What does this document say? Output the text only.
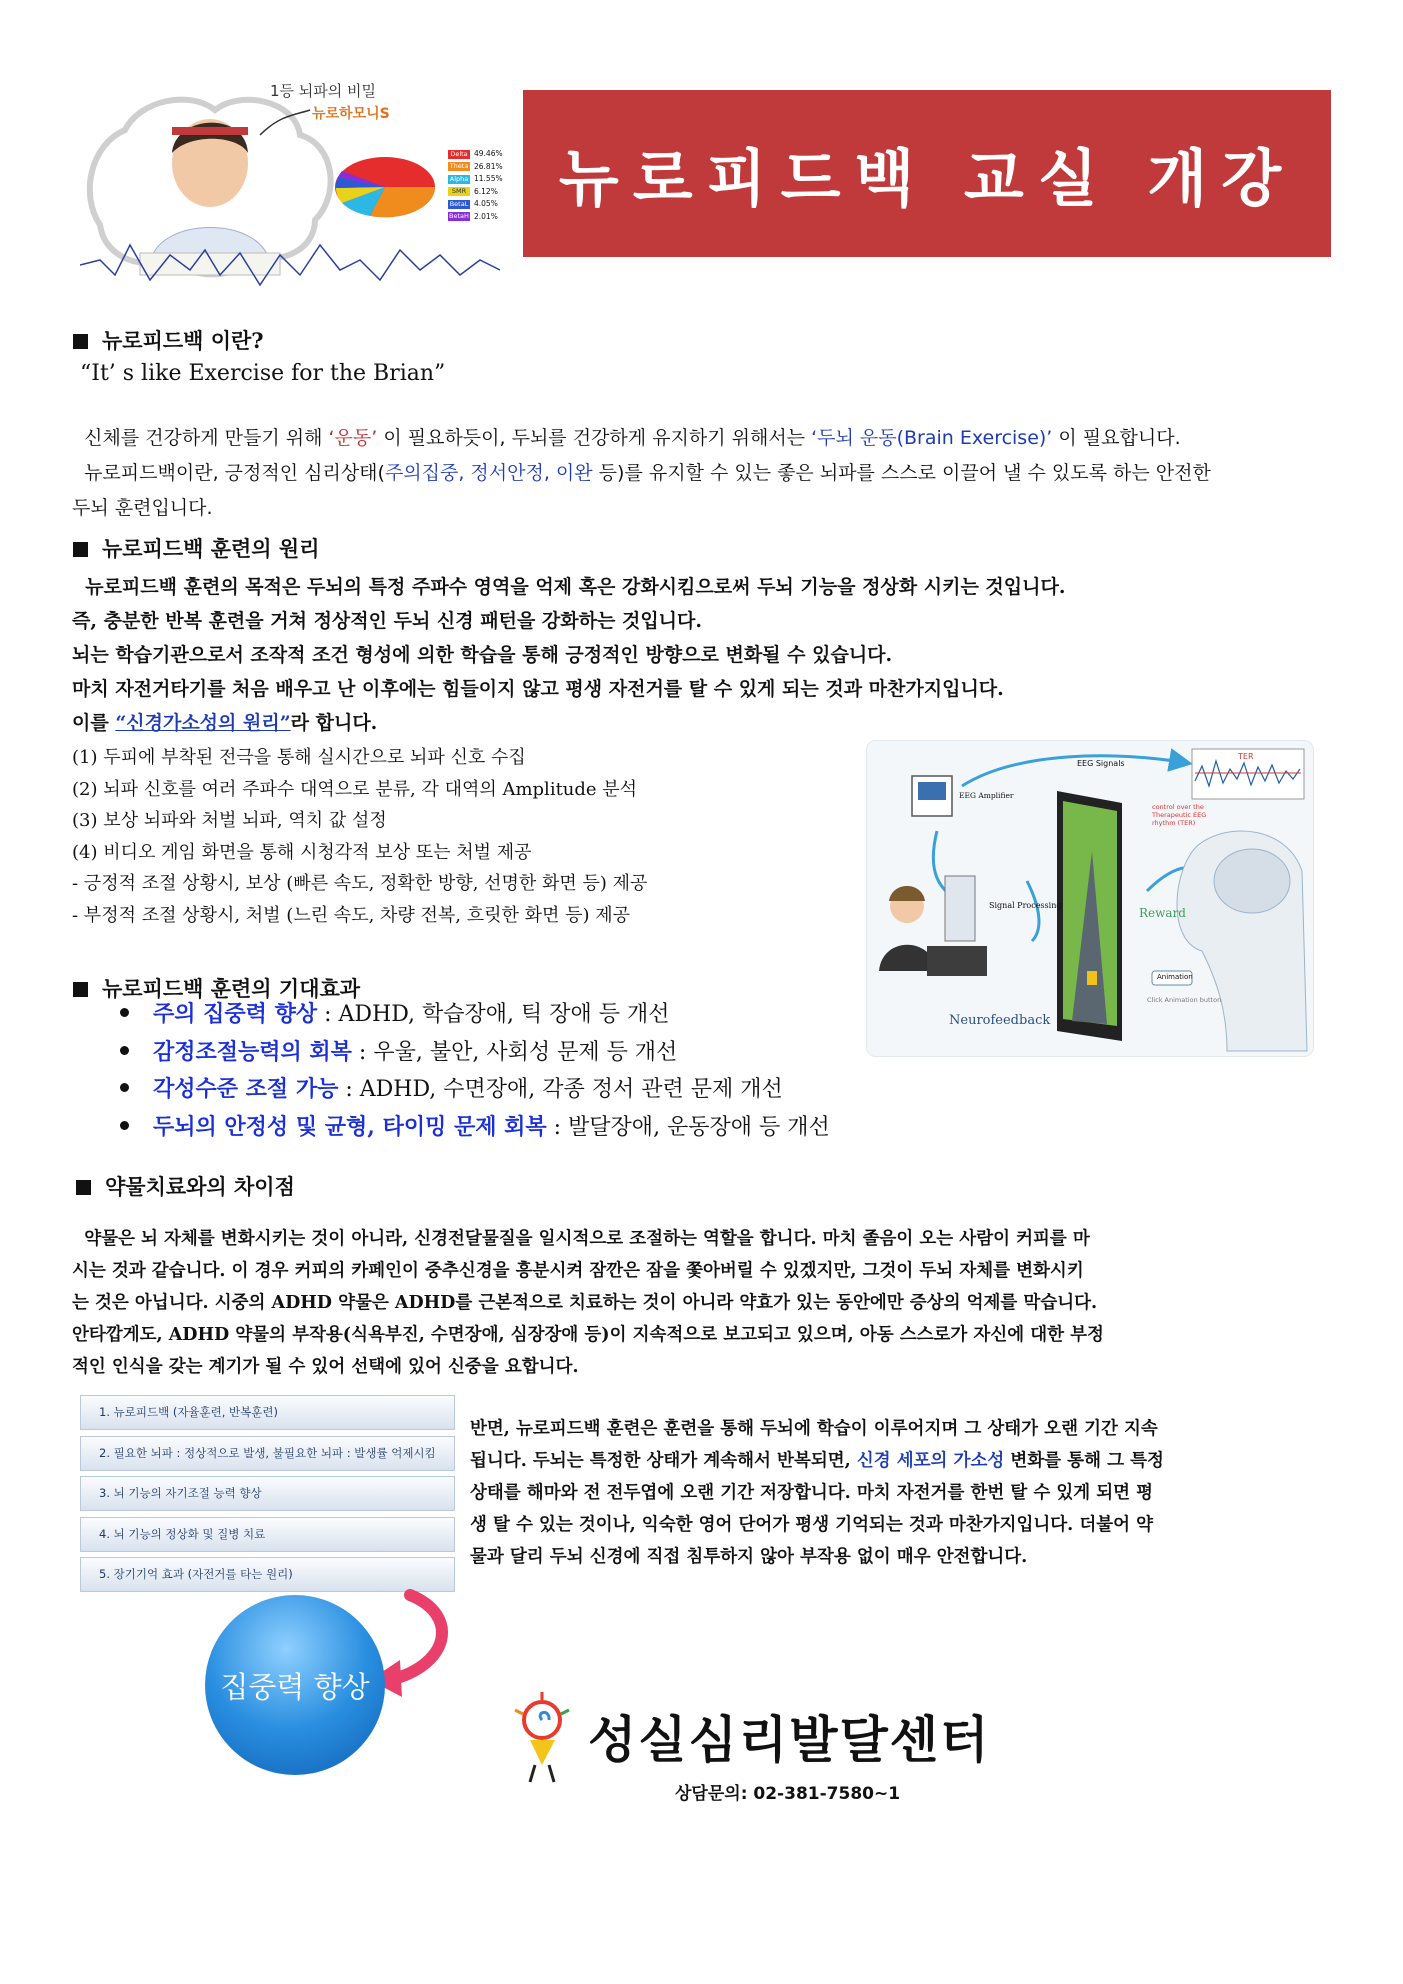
1등 뇌파의 비밀
뉴로하모니S
Delta 49.46%
Theta 26.81%
Alpha 11.55%
SMR	6.12%
BetaL 4.05%
BetaH 2.01%
뉴로피드백 교실 개강
뉴로피드백 이란?
“It’ s like Exercise for the Brian”
신체를 건강하게 만들기 위해 ‘운동’ 이 필요하듯이, 두뇌를 건강하게 유지하기 위해서는 ‘두뇌 운동(Brain Exercise)’ 이 필요합니다.
뉴로피드백이란, 긍정적인 심리상태(주의집중, 정서안정, 이완 등)를 유지할 수 있는 좋은 뇌파를 스스로 이끌어 낼 수 있도록 하는 안전한
두뇌 훈련입니다.
뉴로피드백 훈련의 원리
뉴로피드백 훈련의 목적은 두뇌의 특정 주파수 영역을 억제 혹은 강화시킴으로써 두뇌 기능을 정상화 시키는 것입니다.
즉, 충분한 반복 훈련을 거쳐 정상적인 두뇌 신경 패턴을 강화하는 것입니다.
뇌는 학습기관으로서 조작적 조건 형성에 의한 학습을 통해 긍정적인 방향으로 변화될 수 있습니다.
마치 자전거타기를 처음 배우고 난 이후에는 힘들이지 않고 평생 자전거를 탈 수 있게 되는 것과 마찬가지입니다.
이를 “신경가소성의 원리”라 합니다.
(1) 두피에 부착된 전극을 통해 실시간으로 뇌파 신호 수집
(2) 뇌파 신호를 여러 주파수 대역으로 분류, 각 대역의 Amplitude 분석
(3) 보상 뇌파와 처벌 뇌파, 역치 값 설정
(4) 비디오 게임 화면을 통해 시청각적 보상 또는 처벌 제공
- 긍정적 조절 상황시, 보상 (빠른 속도, 정확한 방향, 선명한 화면 등) 제공
- 부정적 조절 상황시, 처벌 (느린 속도, 차량 전복, 흐릿한 화면 등) 제공
EEG Signals
EEG Amplifier
Signal Processing
Reward
TER
control over the Therapeutic EEG rhythm (TER)
Animation
Click Animation button
Neurofeedback
뉴로피드백 훈련의 기대효과
주의 집중력 향상 : ADHD, 학습장애, 틱 장애 등 개선
감정조절능력의 회복 : 우울, 불안, 사회성 문제 등 개선
각성수준 조절 가능 : ADHD, 수면장애, 각종 정서 관련 문제 개선
두뇌의 안정성 및 균형, 타이밍 문제 회복 : 발달장애, 운동장애 등 개선
약물치료와의 차이점
약물은 뇌 자체를 변화시키는 것이 아니라, 신경전달물질을 일시적으로 조절하는 역할을 합니다. 마치 졸음이 오는 사람이 커피를 마
시는 것과 같습니다. 이 경우 커피의 카페인이 중추신경을 흥분시켜 잠깐은 잠을 쫓아버릴 수 있겠지만, 그것이 두뇌 자체를 변화시키
는 것은 아닙니다. 시중의 ADHD 약물은 ADHD를 근본적으로 치료하는 것이 아니라 약효가 있는 동안에만 증상의 억제를 막습니다.
안타깝게도, ADHD 약물의 부작용(식욕부진, 수면장애, 심장장애 등)이 지속적으로 보고되고 있으며, 아동 스스로가 자신에 대한 부정
적인 인식을 갖는 계기가 될 수 있어 선택에 있어 신중을 요합니다.
1. 뉴로피드백 (자율훈련, 반복훈련)
2. 필요한 뇌파 : 정상적으로 발생, 불필요한 뇌파 : 발생률 억제시킴
3. 뇌 기능의 자기조절 능력 향상
4. 뇌 기능의 정상화 및 질병 치료
5. 장기기억 효과 (자전거를 타는 원리)
반면, 뉴로피드백 훈련은 훈련을 통해 두뇌에 학습이 이루어지며 그 상태가 오랜 기간 지속
됩니다. 두뇌는 특정한 상태가 계속해서 반복되면, 신경 세포의 가소성 변화를 통해 그 특정
상태를 해마와 전 전두엽에 오랜 기간 저장합니다. 마치 자전거를 한번 탈 수 있게 되면 평
생 탈 수 있는 것이나, 익숙한 영어 단어가 평생 기억되는 것과 마찬가지입니다. 더불어 약
물과 달리 두뇌 신경에 직접 침투하지 않아 부작용 없이 매우 안전합니다.
집중력 향상
성실심리발달센터
상담문의: 02-381-7580~1
